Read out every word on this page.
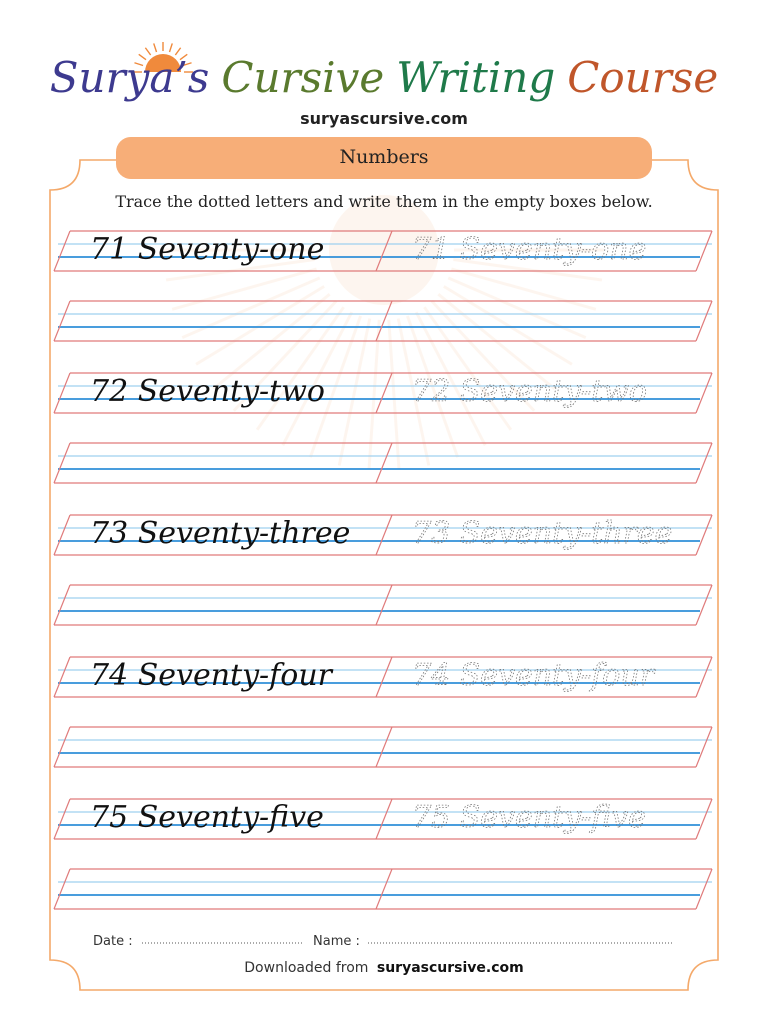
Surya’s Cursive Writing Course
suryascursive.com
Numbers
Trace the dotted letters and write them in the empty boxes below.
71 Seventy-one	71 Seventy-one
72 Seventy-two	72 Seventy-two
73 Seventy-three 73 Seventy-three
74 Seventy-four	74 Seventy-four
75 Seventy-five	75 Seventy-five
Date :	Name :
Downloaded from suryascursive.com
